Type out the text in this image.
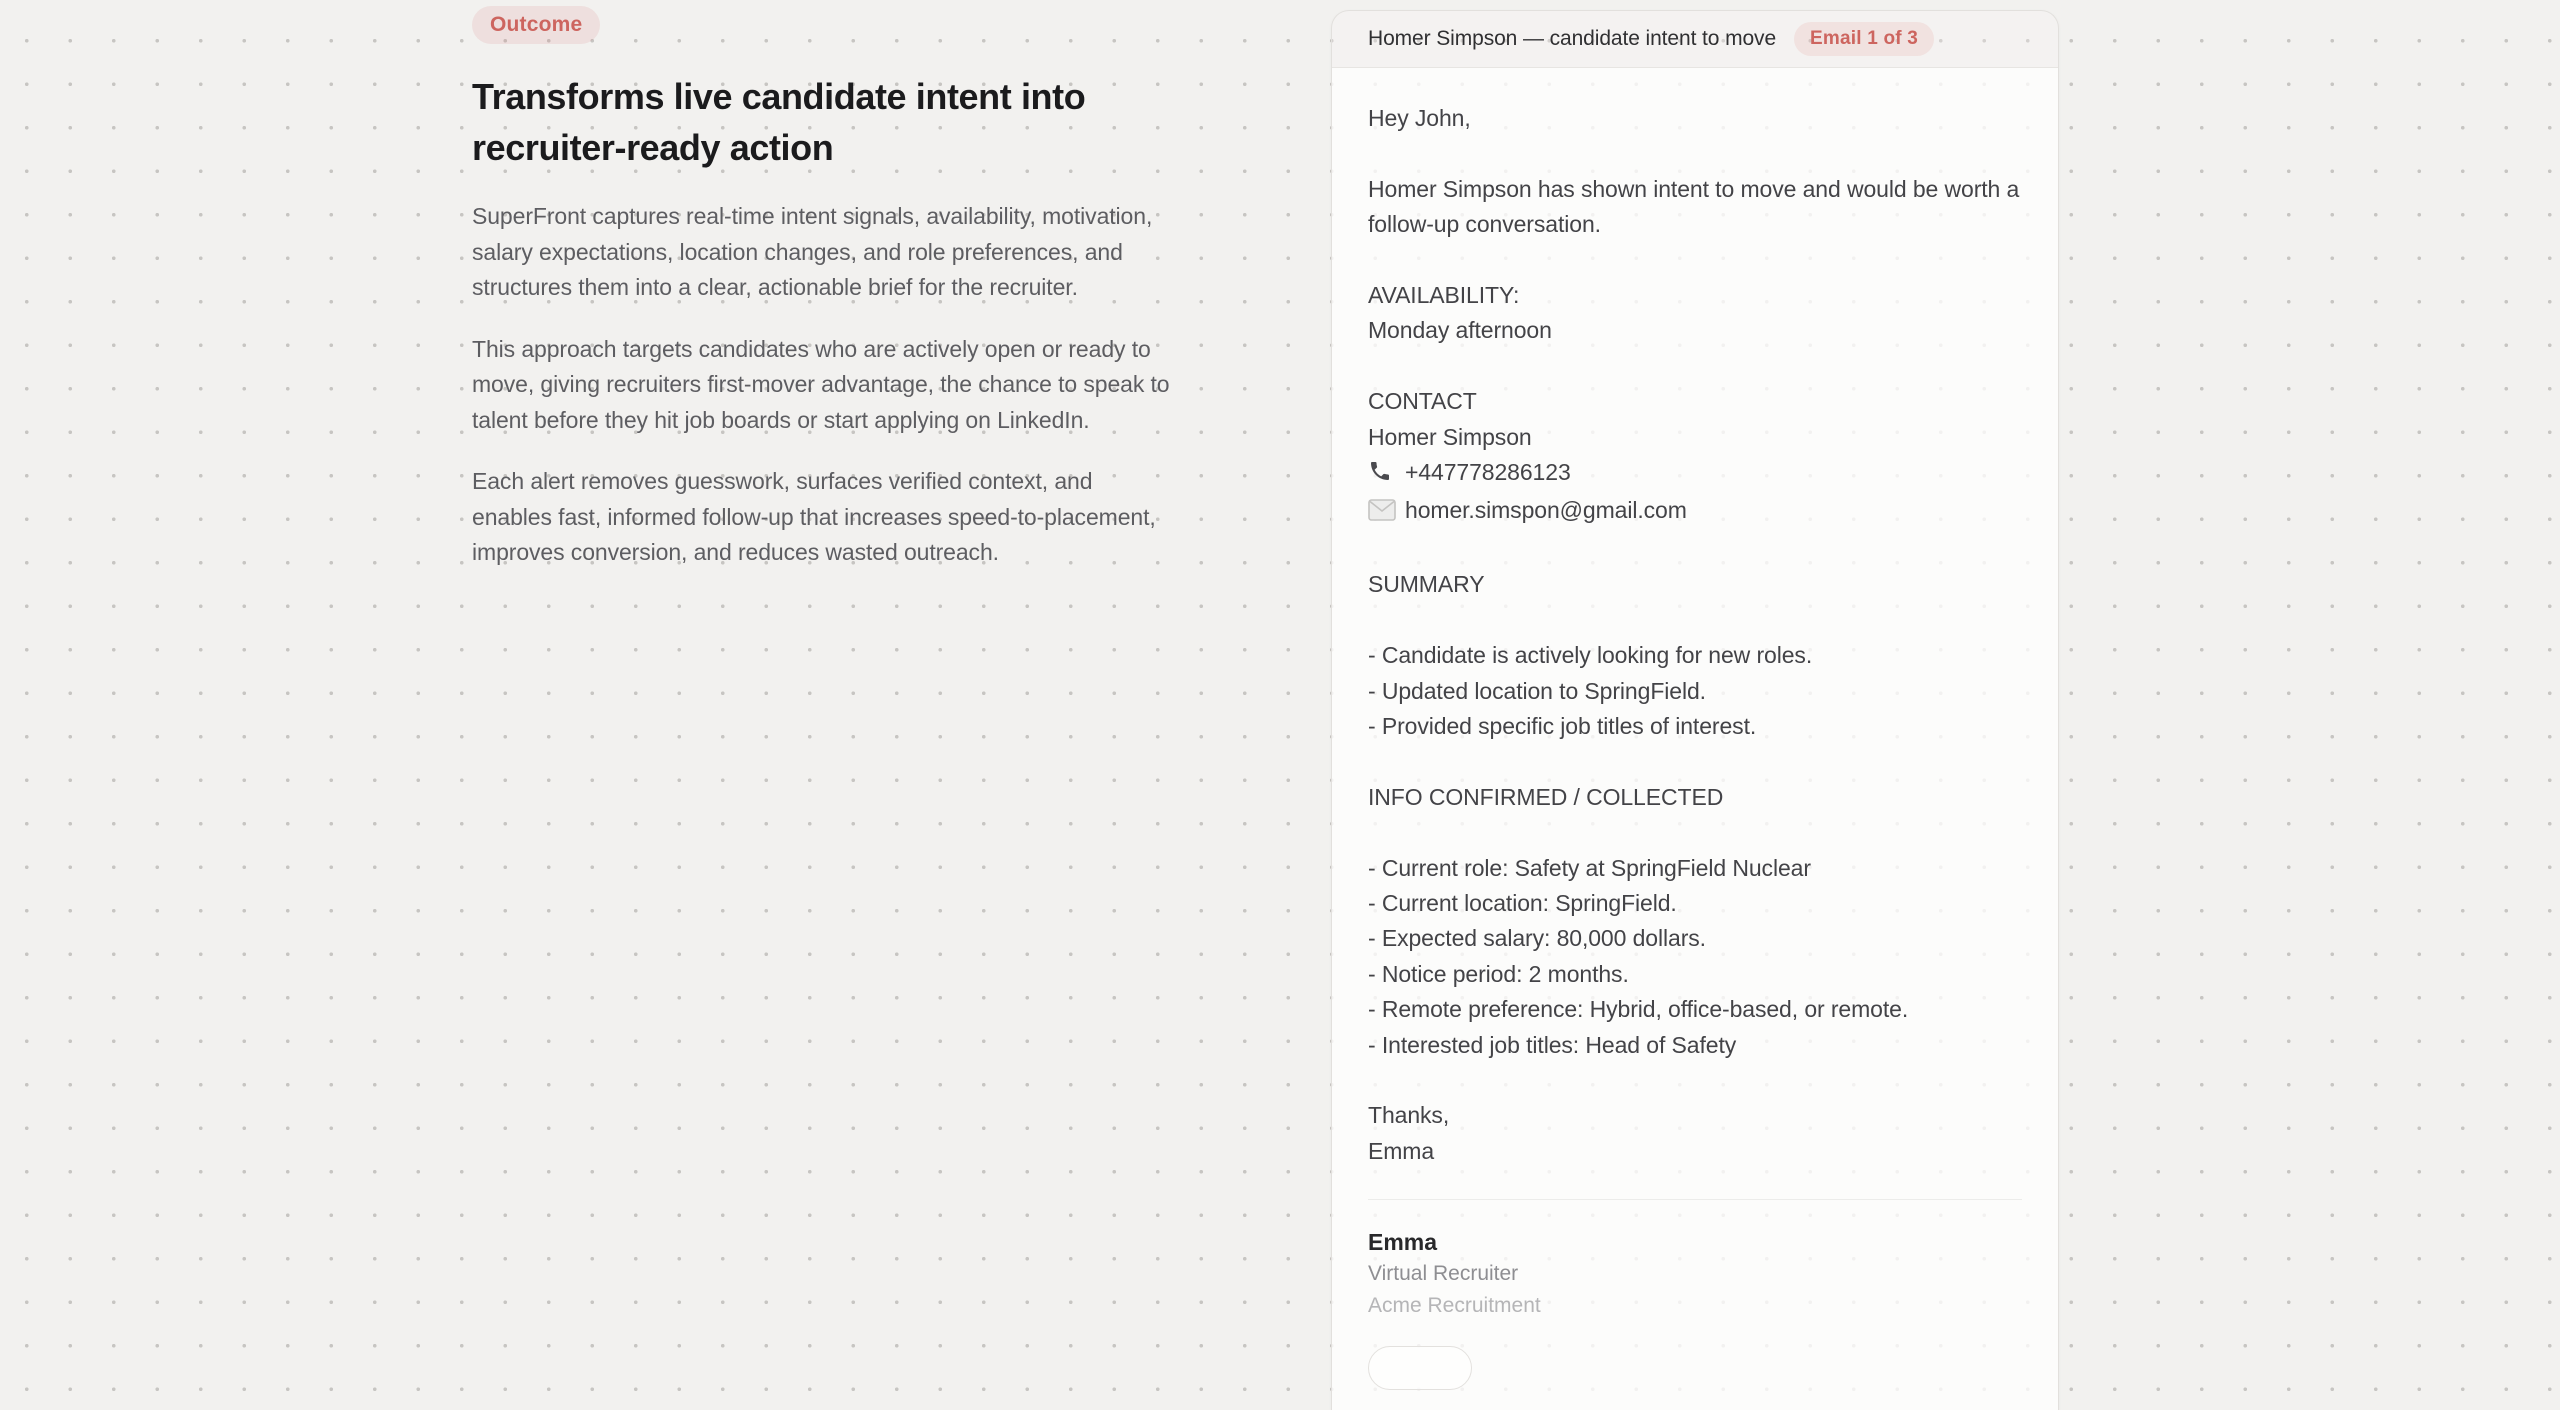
Outcome
Transforms live candidate intent into recruiter-ready action

SuperFront captures real-time intent signals, availability, motivation, salary expectations, location changes, and role preferences, and structures them into a clear, actionable brief for the recruiter.

This approach targets candidates who are actively open or ready to move, giving recruiters first-mover advantage, the chance to speak to talent before they hit job boards or start applying on LinkedIn.

Each alert removes guesswork, surfaces verified context, and enables fast, informed follow-up that increases speed-to-placement, improves conversion, and reduces wasted outreach.

Homer Simpson — candidate intent to move	Email 1 of 3
Hey John,

Homer Simpson has shown intent to move and would be worth a follow-up conversation.

AVAILABILITY:
Monday afternoon

CONTACT
Homer Simpson
+447778286123
homer.simspon@gmail.com

SUMMARY

- Candidate is actively looking for new roles.
- Updated location to SpringField.
- Provided specific job titles of interest.

INFO CONFIRMED / COLLECTED

- Current role: Safety at SpringField Nuclear
- Current location: SpringField.
- Expected salary: 80,000 dollars.
- Notice period: 2 months.
- Remote preference: Hybrid, office-based, or remote.
- Interested job titles: Head of Safety

Thanks,
Emma
Emma
Virtual Recruiter
Acme Recruitment
